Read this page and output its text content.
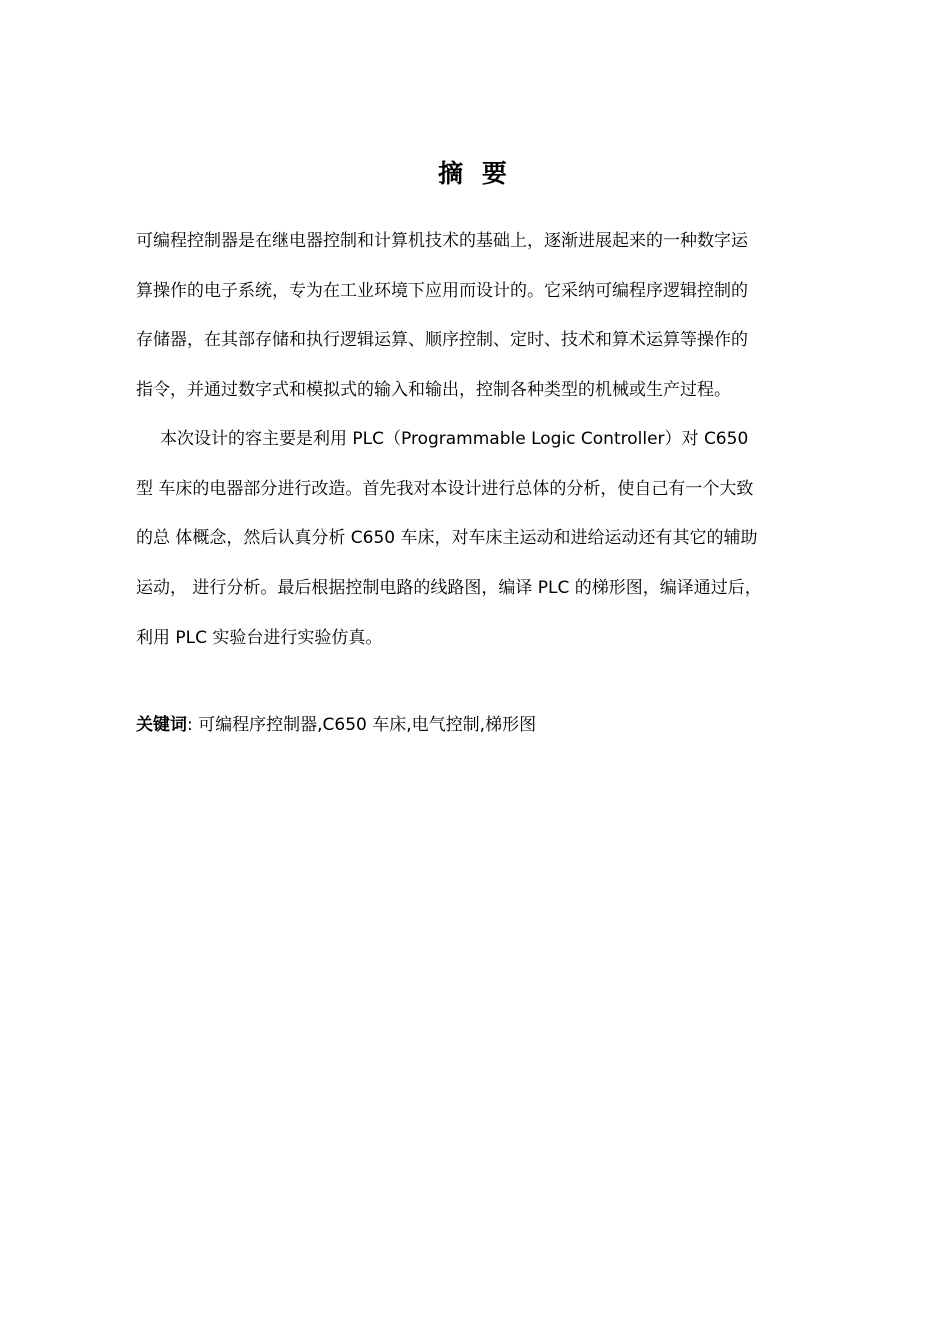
摘 要
可编程控制器是在继电器控制和计算机技术的基础上，逐渐进展起来的一种数字运
算操作的电子系统，专为在工业环境下应用而设计的。它采纳可编程序逻辑控制的
存储器，在其部存储和执行逻辑运算、顺序控制、定时、技术和算术运算等操作的
指令，并通过数字式和模拟式的输入和输出，控制各种类型的机械或生产过程。
本次设计的容主要是利用 PLC（Programmable Logic Controller）对 C650
型 车床的电器部分进行改造。首先我对本设计进行总体的分析，使自己有一个大致
的总 体概念，然后认真分析 C650 车床，对车床主运动和进给运动还有其它的辅助
运动， 进行分析。最后根据控制电路的线路图，编译 PLC 的梯形图，编译通过后，
利用 PLC 实验台进行实验仿真。
关键词: 可编程序控制器,C650 车床,电气控制,梯形图
